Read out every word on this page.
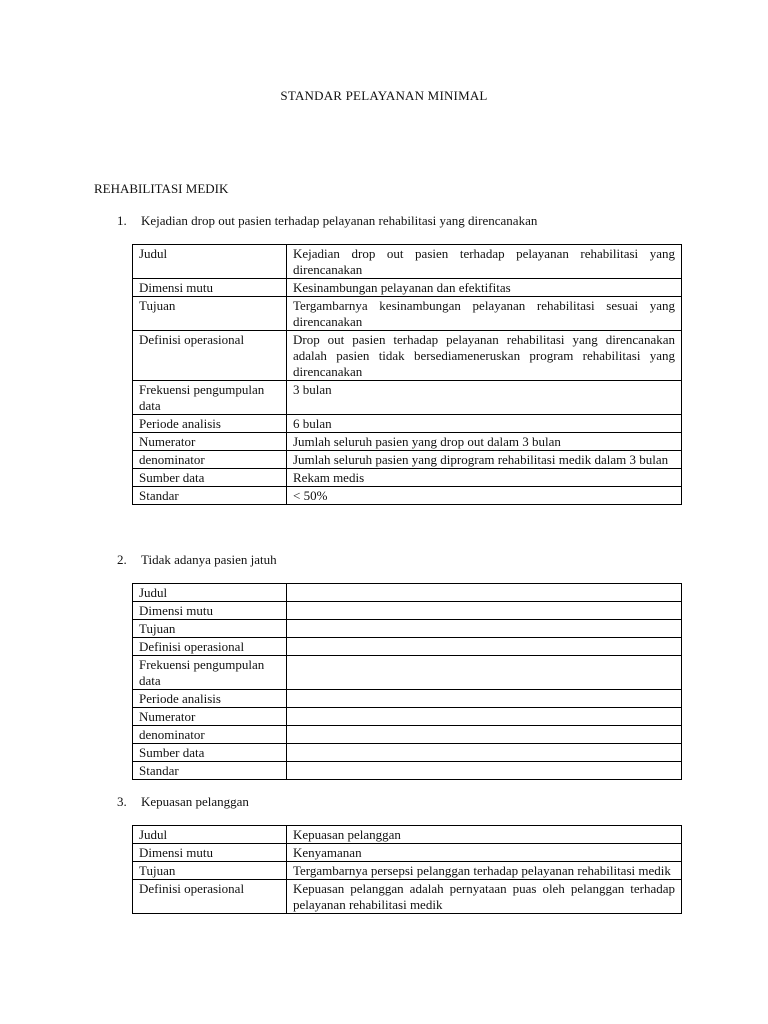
STANDAR PELAYANAN MINIMAL
REHABILITASI MEDIK
1. Kejadian drop out pasien terhadap pelayanan rehabilitasi yang direncanakan
Judul	Kejadian drop out pasien terhadap pelayanan rehabilitasi yang direncanakan
Dimensi mutu	Kesinambungan pelayanan dan efektifitas
Tujuan	Tergambarnya kesinambungan pelayanan rehabilitasi sesuai yang direncanakan
Definisi operasional	Drop out pasien terhadap pelayanan rehabilitasi yang direncanakan adalah pasien tidak bersediameneruskan program rehabilitasi yang direncanakan
Frekuensi pengumpulan data	3 bulan
Periode analisis	6 bulan
Numerator	Jumlah seluruh pasien yang drop out dalam 3 bulan
denominator	Jumlah seluruh pasien yang diprogram rehabilitasi medik dalam 3 bulan
Sumber data	Rekam medis
Standar	< 50%
2. Tidak adanya pasien jatuh
Judul	
Dimensi mutu	
Tujuan	
Definisi operasional	
Frekuensi pengumpulan data	
Periode analisis	
Numerator	
denominator	
Sumber data	
Standar	
3. Kepuasan pelanggan
Judul	Kepuasan pelanggan
Dimensi mutu	Kenyamanan
Tujuan	Tergambarnya persepsi pelanggan terhadap pelayanan rehabilitasi medik
Definisi operasional	Kepuasan pelanggan adalah pernyataan puas oleh pelanggan terhadap pelayanan rehabilitasi medik
